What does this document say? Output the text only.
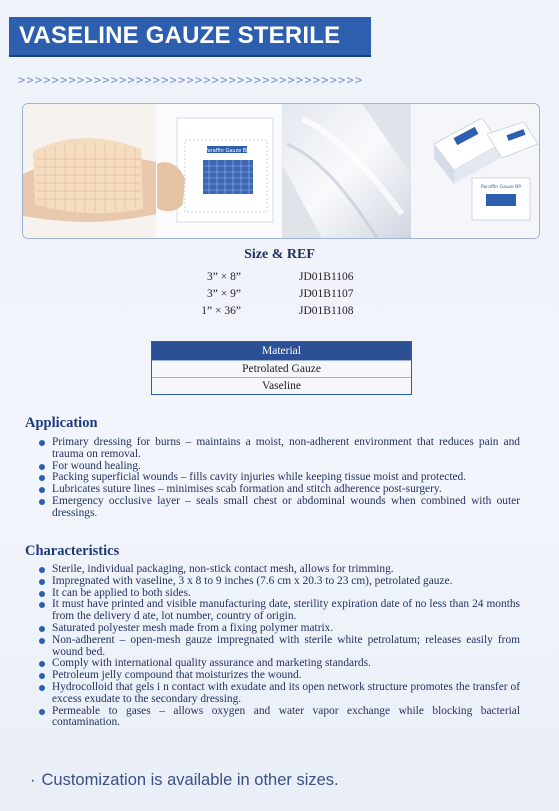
VASELINE GAUZE STERILE
>>>>>>>>>>>>>>>>>>>>>>>>>>>>>>>>>>>>>>>>>
Paraffin Gauze BP
Paraffin Gauze BP
Size & REF
3” × 8”	JD01B1106
3” × 9”	JD01B1107
1” × 36”	JD01B1108
Material
Petrolated Gauze
Vaseline
Application
Primary dressing for burns – maintains a moist, non-adherent environment that reduces pain and trauma on removal.
For wound healing.
Packing superficial wounds – fills cavity injuries while keeping tissue moist and protected.
Lubricates suture lines – minimises scab formation and stitch adherence post-surgery.
Emergency occlusive layer – seals small chest or abdominal wounds when combined with outer dressings.
Characteristics
Sterile, individual packaging, non-stick contact mesh, allows for trimming.
Impregnated with vaseline, 3 x 8 to 9 inches (7.6 cm x 20.3 to 23 cm), petrolated gauze.
It can be applied to both sides.
It must have printed and visible manufacturing date, sterility expiration date of no less than 24 months from the delivery d ate, lot number, country of origin.
Saturated polyester mesh made from a fixing polymer matrix.
Non-adherent – open-mesh gauze impregnated with sterile white petrolatum; releases easily from wound bed.
Comply with international quality assurance and marketing standards.
Petroleum jelly compound that moisturizes the wound.
Hydrocolloid that gels i n contact with exudate and its open network structure promotes the transfer of excess exudate to the secondary dressing.
Permeable to gases – allows oxygen and water vapor exchange while blocking bacterial contamination.
· Customization is available in other sizes.
